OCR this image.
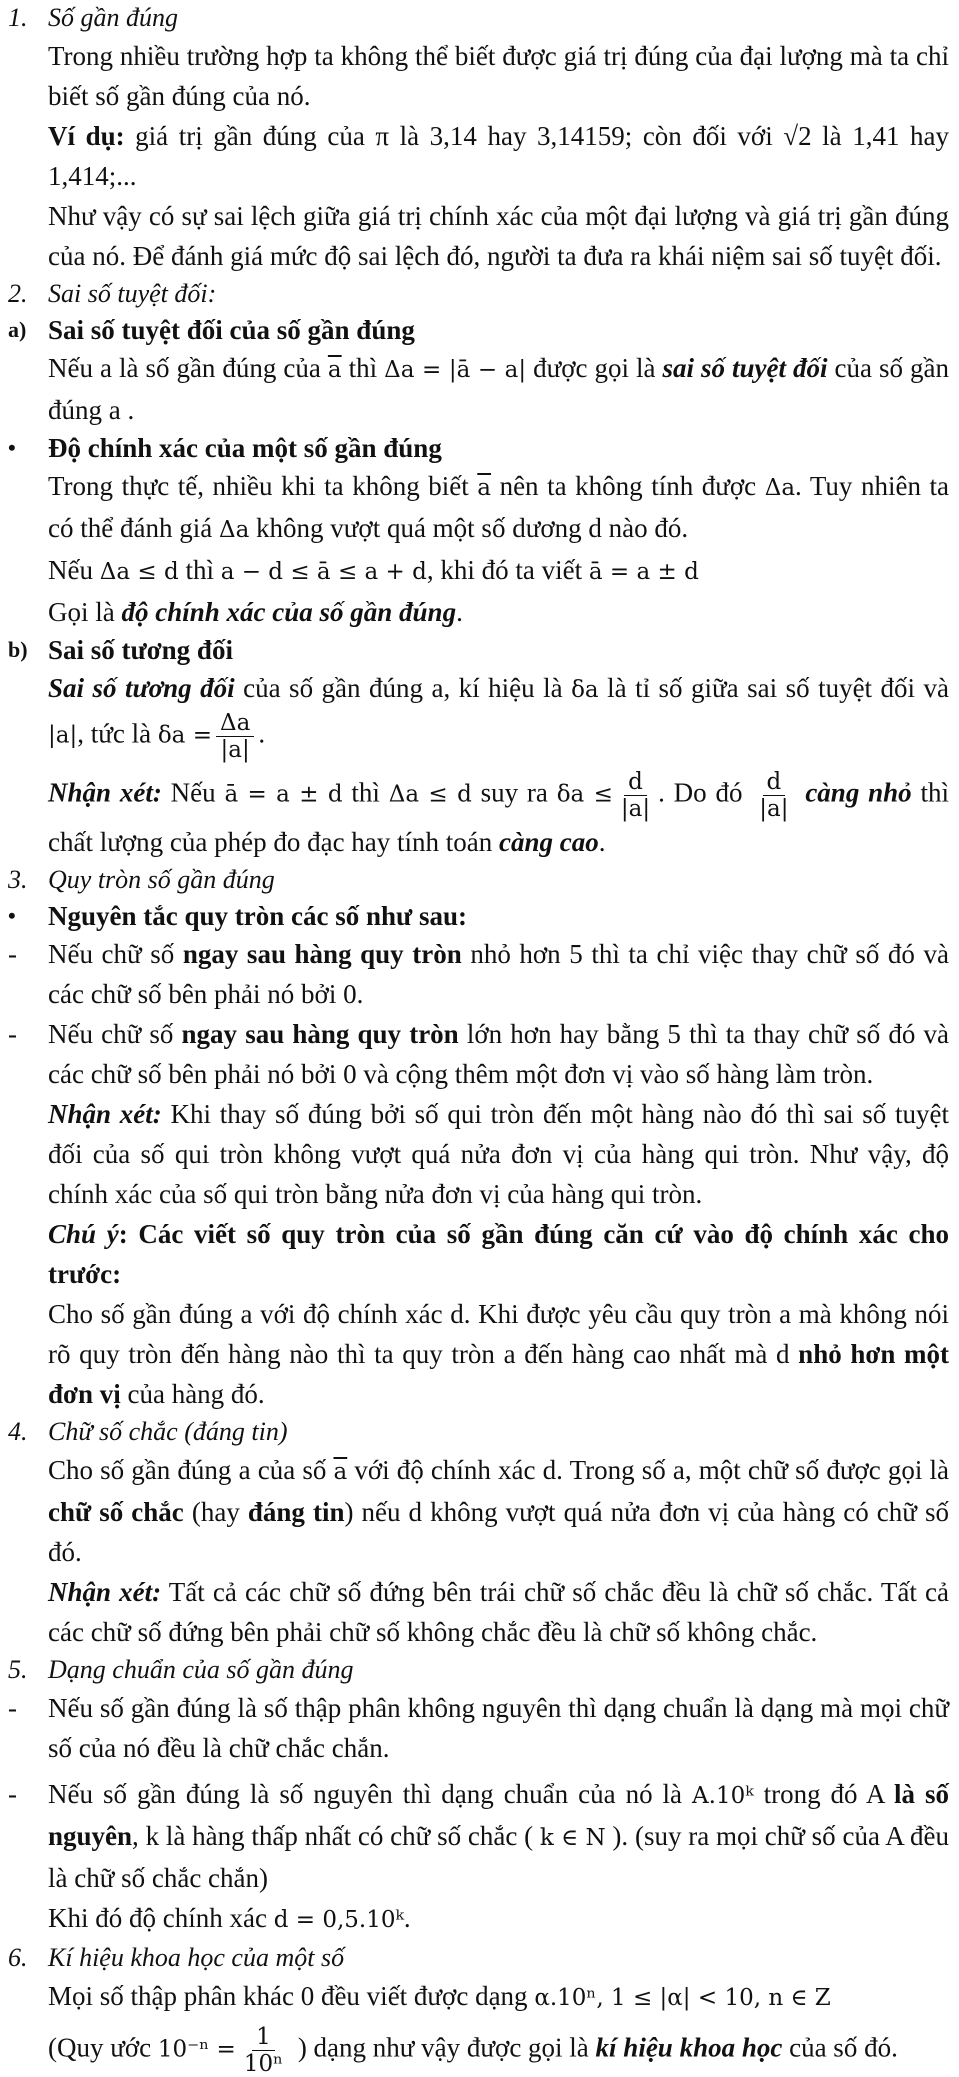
1. Số gần đúng

Trong nhiều trường hợp ta không thể biết được giá trị đúng của đại lượng mà ta chỉ biết số gần đúng của nó.

Ví dụ: giá trị gần đúng của π là 3,14 hay 3,14159; còn đối với √2 là 1,41 hay 1,414;...

Như vậy có sự sai lệch giữa giá trị chính xác của một đại lượng và giá trị gần đúng của nó. Để đánh giá mức độ sai lệch đó, người ta đưa ra khái niệm sai số tuyệt đối.

2. Sai số tuyệt đối:
a) Sai số tuyệt đối của số gần đúng

Nếu a là số gần đúng của $\overline{a}$ thì Δa = |ā − a| được gọi là sai số tuyệt đối của số gần đúng a .

•	Độ chính xác của một số gần đúng

Trong thực tế, nhiều khi ta không biết $\overline{a}$ nên ta không tính được Δa. Tuy nhiên ta có thể đánh giá Δa không vượt quá một số dương d nào đó.

Nếu Δa ≤ d thì a − d ≤ ā ≤ a + d, khi đó ta viết ā = a ± d

Gọi là độ chính xác của số gần đúng.

b) Sai số tương đối

Sai số tương đối của số gần đúng a, kí hiệu là δa là tỉ số giữa sai số tuyệt đối và |a|, tức là $\delta a = \frac{\Delta a}{|a|}$ .

Nhận xét: Nếu ā = a ± d thì Δa ≤ d suy ra $\delta a \le \frac{d}{|a|}$ . Do đó $\frac{d}{|a|}$ càng nhỏ thì chất lượng của phép đo đạc hay tính toán càng cao.

3. Quy tròn số gần đúng
•	Nguyên tắc quy tròn các số như sau:
-	Nếu chữ số ngay sau hàng quy tròn nhỏ hơn 5 thì ta chỉ việc thay chữ số đó và các chữ số bên phải nó bởi 0.
-	Nếu chữ số ngay sau hàng quy tròn lớn hơn hay bằng 5 thì ta thay chữ số đó và các chữ số bên phải nó bởi 0 và cộng thêm một đơn vị vào số hàng làm tròn.

Nhận xét: Khi thay số đúng bởi số qui tròn đến một hàng nào đó thì sai số tuyệt đối của số qui tròn không vượt quá nửa đơn vị của hàng qui tròn. Như vậy, độ chính xác của số qui tròn bằng nửa đơn vị của hàng qui tròn.

Chú ý: Các viết số quy tròn của số gần đúng căn cứ vào độ chính xác cho trước:

Cho số gần đúng a với độ chính xác d. Khi được yêu cầu quy tròn a mà không nói rõ quy tròn đến hàng nào thì ta quy tròn a đến hàng cao nhất mà d nhỏ hơn một đơn vị của hàng đó.

4. Chữ số chắc (đáng tin)

Cho số gần đúng a của số $\overline{a}$ với độ chính xác d. Trong số a, một chữ số được gọi là chữ số chắc (hay đáng tin) nếu d không vượt quá nửa đơn vị của hàng có chữ số đó.

Nhận xét: Tất cả các chữ số đứng bên trái chữ số chắc đều là chữ số chắc. Tất cả các chữ số đứng bên phải chữ số không chắc đều là chữ số không chắc.

5. Dạng chuẩn của số gần đúng
-	Nếu số gần đúng là số thập phân không nguyên thì dạng chuẩn là dạng mà mọi chữ số của nó đều là chữ chắc chắn.
-	Nếu số gần đúng là số nguyên thì dạng chuẩn của nó là A.10ᵏ trong đó A là số nguyên, k là hàng thấp nhất có chữ số chắc ( k ∈ N ). (suy ra mọi chữ số của A đều là chữ số chắc chắn)

Khi đó độ chính xác d = 0,5.10ᵏ.

6. Kí hiệu khoa học của một số

Mọi số thập phân khác 0 đều viết được dạng α.10ⁿ, 1 ≤ |α| < 10, n ∈ Z

(Quy ước $10^{-n} = \frac{1}{\text{10ⁿ}}$ ) dạng như vậy được gọi là kí hiệu khoa học của số đó.
